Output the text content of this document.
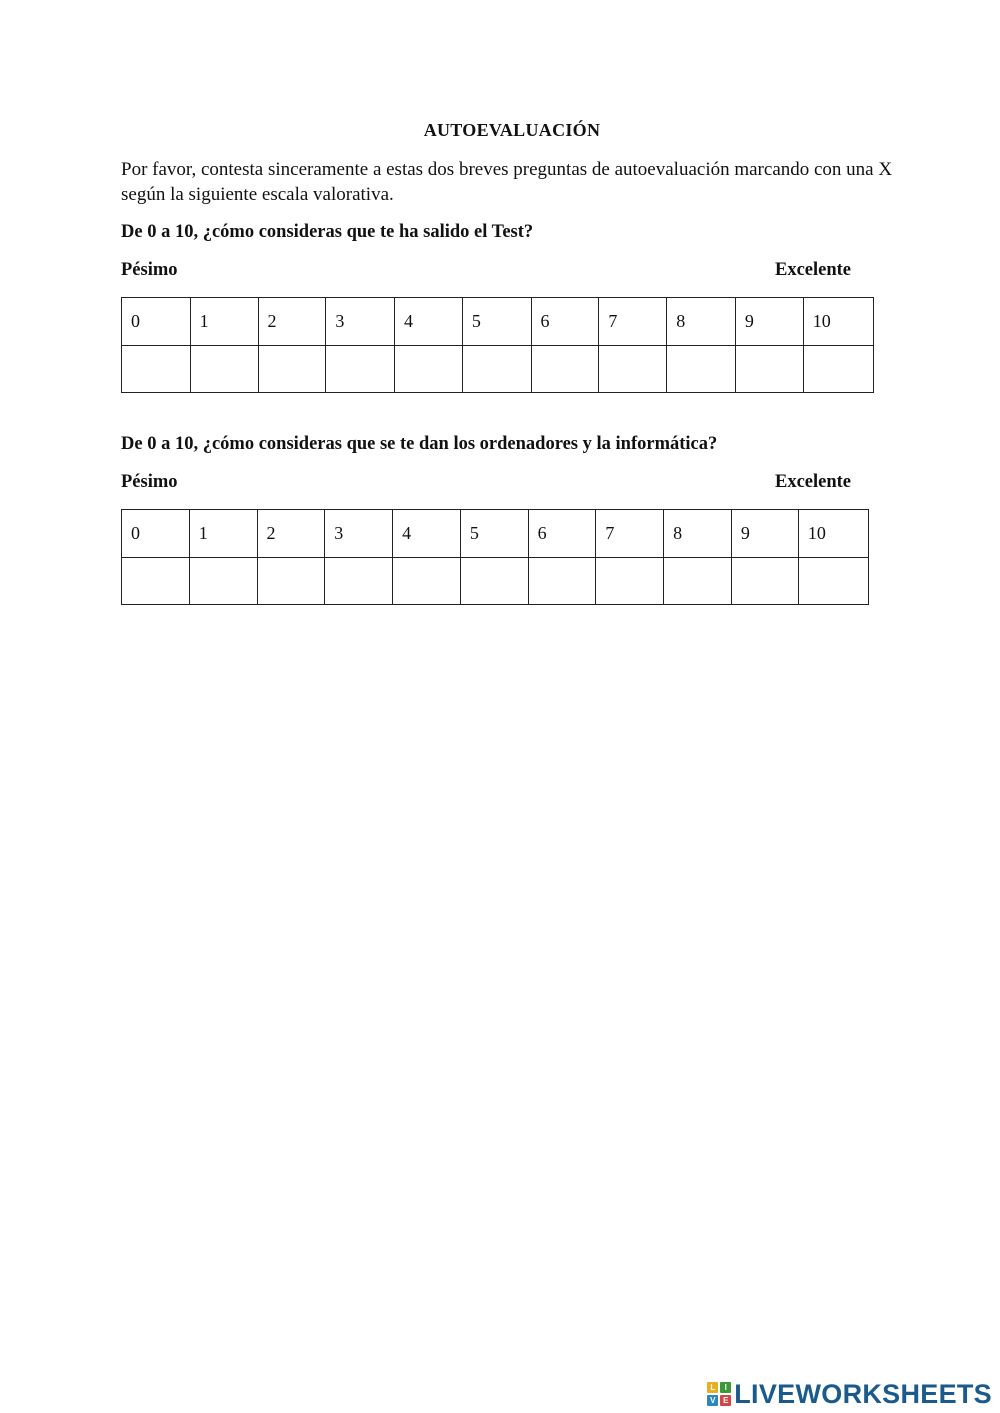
AUTOEVALUACIÓN
Por favor, contesta sinceramente a estas dos breves preguntas de autoevaluación marcando con una X según la siguiente escala valorativa.
De 0 a 10, ¿cómo consideras que te ha salido el Test?
Pésimo	Excelente
0	1	2	3	4	5	6	7	8	9	10

De 0 a 10, ¿cómo consideras que se te dan los ordenadores y la informática?
Pésimo	Excelente
0	1	2	3	4	5	6	7	8	9	10

L	I
V E LIVEWORKSHEETS
